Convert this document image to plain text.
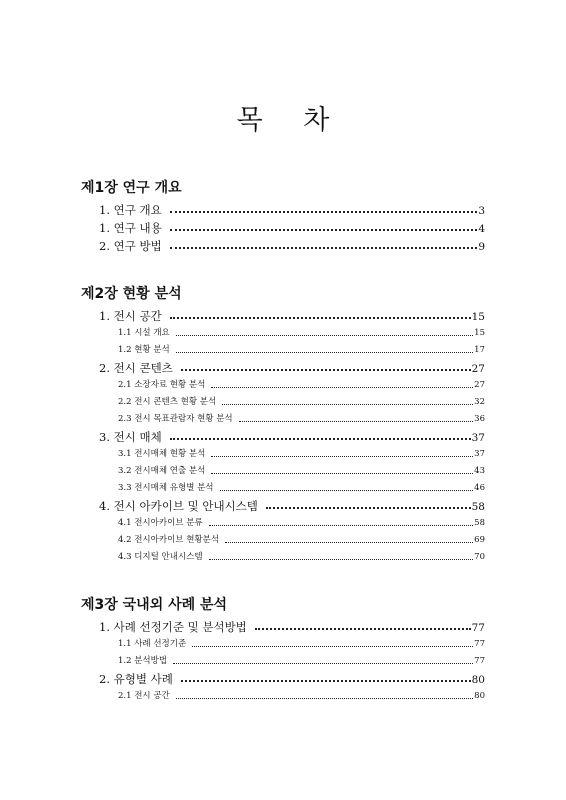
목 차
제1장 연구 개요
1. 연구 개요	3
1. 연구 내용	4
2. 연구 방법	9
제2장 현황 분석
1. 전시 공간	15
1.1 시설 개요	15
1.2 현황 분석	17
2. 전시 콘텐츠	27
2.1 소장자료 현황 분석	27
2.2 전시 콘텐츠 현황 분석	32
2.3 전시 목표관람자 현황 분석	36
3. 전시 매체	37
3.1 전시매체 현황 분석	37
3.2 전시매체 연출 분석	43
3.3 전시매체 유형별 분석	46
4. 전시 아카이브 및 안내시스템	58
4.1 전시아카이브 분류	58
4.2 전시아카이브 현황분석	69
4.3 디지털 안내시스템	70
제3장 국내외 사례 분석
1. 사례 선정기준 및 분석방법	77
1.1 사례 선정기준	77
1.2 분석방법	77
2. 유형별 사례	80
2.1 전시 공간	80
